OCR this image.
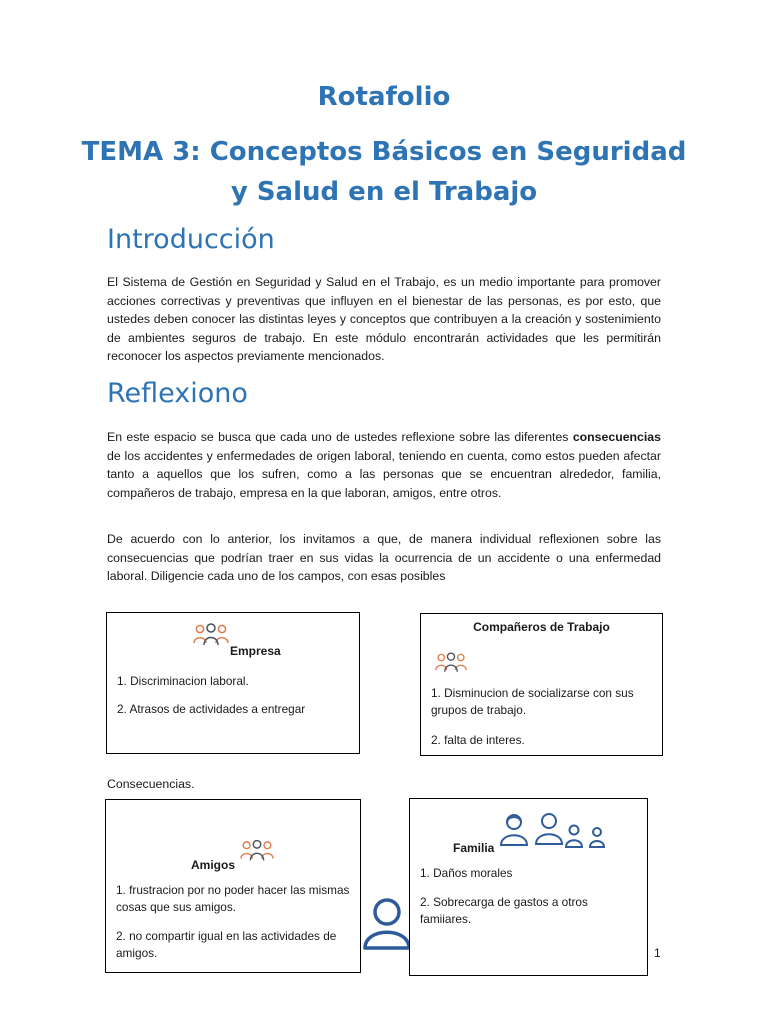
Rotafolio
TEMA 3: Conceptos Básicos en Seguridad
y Salud en el Trabajo
Introducción

El Sistema de Gestión en Seguridad y Salud en el Trabajo, es un medio importante para promover acciones correctivas y preventivas que influyen en el bienestar de las personas, es por esto, que ustedes deben conocer las distintas leyes y conceptos que contribuyen a la creación y sostenimiento de ambientes seguros de trabajo. En este módulo encontrarán actividades que les permitirán reconocer los aspectos previamente mencionados.

Reflexiono

En este espacio se busca que cada uno de ustedes reflexione sobre las diferentes consecuencias de los accidentes y enfermedades de origen laboral, teniendo en cuenta, como estos pueden afectar tanto a aquellos que los sufren, como a las personas que se encuentran alrededor, familia, compañeros de trabajo, empresa en la que laboran, amigos, entre otros.

De acuerdo con lo anterior, los invitamos a que, de manera individual reflexionen sobre las consecuencias que podrían traer en sus vidas la ocurrencia de un accidente o una enfermedad laboral. Diligencie cada uno de los campos, con esas posibles

Empresa

1. Discriminacion laboral.

2. Atrasos de actividades a entregar

Compañeros de Trabajo

1. Disminucion de socializarse con sus grupos de trabajo.

2. falta de interes.

Consecuencias.

Amigos

1. frustracion por no poder hacer las mismas cosas que sus amigos.

2. no compartir igual en las actividades de amigos.

Familia

1. Daños morales

2. Sobrecarga de gastos a otros famiiares.

1
